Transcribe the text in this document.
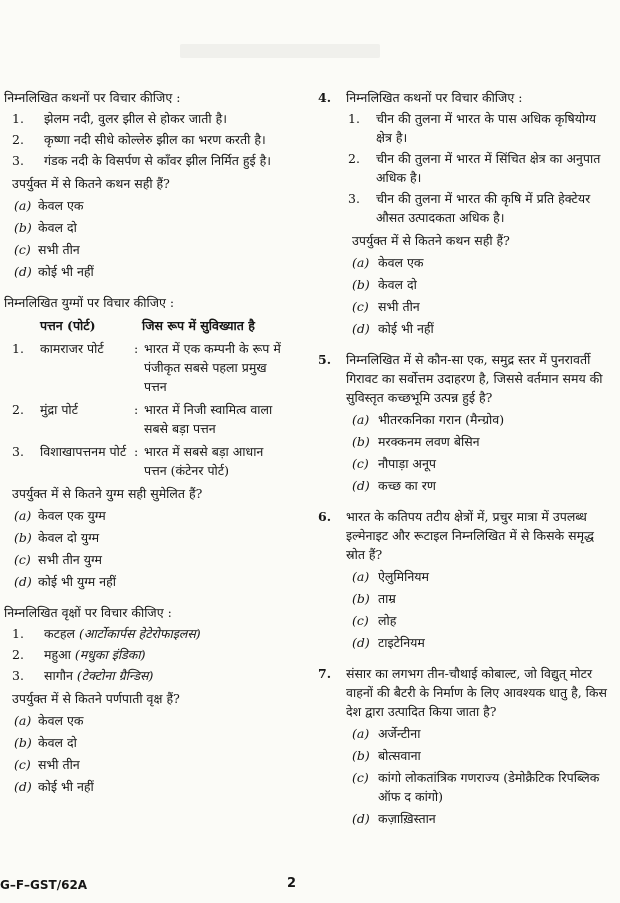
निम्नलिखित कथनों पर विचार कीजिए :
1. झेलम नदी, वुलर झील से होकर जाती है।
2. कृष्णा नदी सीधे कोल्लेरु झील का भरण करती है।
3. गंडक नदी के विसर्पण से काँवर झील निर्मित हुई है।
उपर्युक्त में से कितने कथन सही हैं?
(a) केवल एक
(b) केवल दो
(c) सभी तीन
(d) कोई भी नहीं
निम्नलिखित युग्मों पर विचार कीजिए :
पत्तन (पोर्ट)	जिस रूप में सुविख्यात है
1.	कामराजर पोर्ट	: भारत में एक कम्पनी के रूप में पंजीकृत सबसे पहला प्रमुख पत्तन
2.	मुंद्रा पोर्ट	: भारत में निजी स्वामित्व वाला सबसे बड़ा पत्तन
3.	विशाखापत्तनम पोर्ट : भारत में सबसे बड़ा आधान पत्तन (कंटेनर पोर्ट)
उपर्युक्त में से कितने युग्म सही सुमेलित हैं?
(a) केवल एक युग्म
(b) केवल दो युग्म
(c) सभी तीन युग्म
(d) कोई भी युग्म नहीं
निम्नलिखित वृक्षों पर विचार कीजिए :
1. कटहल (आर्टोकार्पस हेटेरोफाइलस)
2. महुआ (मधुका इंडिका)
3. सागौन (टेक्टोना ग्रैन्डिस)
उपर्युक्त में से कितने पर्णपाती वृक्ष हैं?
(a) केवल एक
(b) केवल दो
(c) सभी तीन
(d) कोई भी नहीं
4. निम्नलिखित कथनों पर विचार कीजिए :
1. चीन की तुलना में भारत के पास अधिक कृषियोग्य क्षेत्र है।
2. चीन की तुलना में भारत में सिंचित क्षेत्र का अनुपात अधिक है।
3. चीन की तुलना में भारत की कृषि में प्रति हेक्टेयर औसत उत्पादकता अधिक है।
उपर्युक्त में से कितने कथन सही हैं?
(a) केवल एक
(b) केवल दो
(c) सभी तीन
(d) कोई भी नहीं
5. निम्नलिखित में से कौन-सा एक, समुद्र स्तर में पुनरावर्ती गिरावट का सर्वोत्तम उदाहरण है, जिससे वर्तमान समय की सुविस्तृत कच्छभूमि उत्पन्न हुई है?
(a) भीतरकनिका गरान (मैन्ग्रोव)
(b) मरक्कनम लवण बेसिन
(c) नौपाड़ा अनूप
(d) कच्छ का रण
6. भारत के कतिपय तटीय क्षेत्रों में, प्रचुर मात्रा में उपलब्ध इल्मेनाइट और रूटाइल निम्नलिखित में से किसके समृद्ध स्रोत हैं?
(a) ऐलुमिनियम
(b) ताम्र
(c) लोह
(d) टाइटेनियम
7. संसार का लगभग तीन-चौथाई कोबाल्ट, जो विद्युत् मोटर वाहनों की बैटरी के निर्माण के लिए आवश्यक धातु है, किस देश द्वारा उत्पादित किया जाता है?
(a) अर्जेन्टीना
(b) बोत्सवाना
(c) कांगो लोकतांत्रिक गणराज्य (डेमोक्रैटिक रिपब्लिक ऑफ द कांगो)
(d) कज़ाख़िस्तान
G–F–GST/62A	2
